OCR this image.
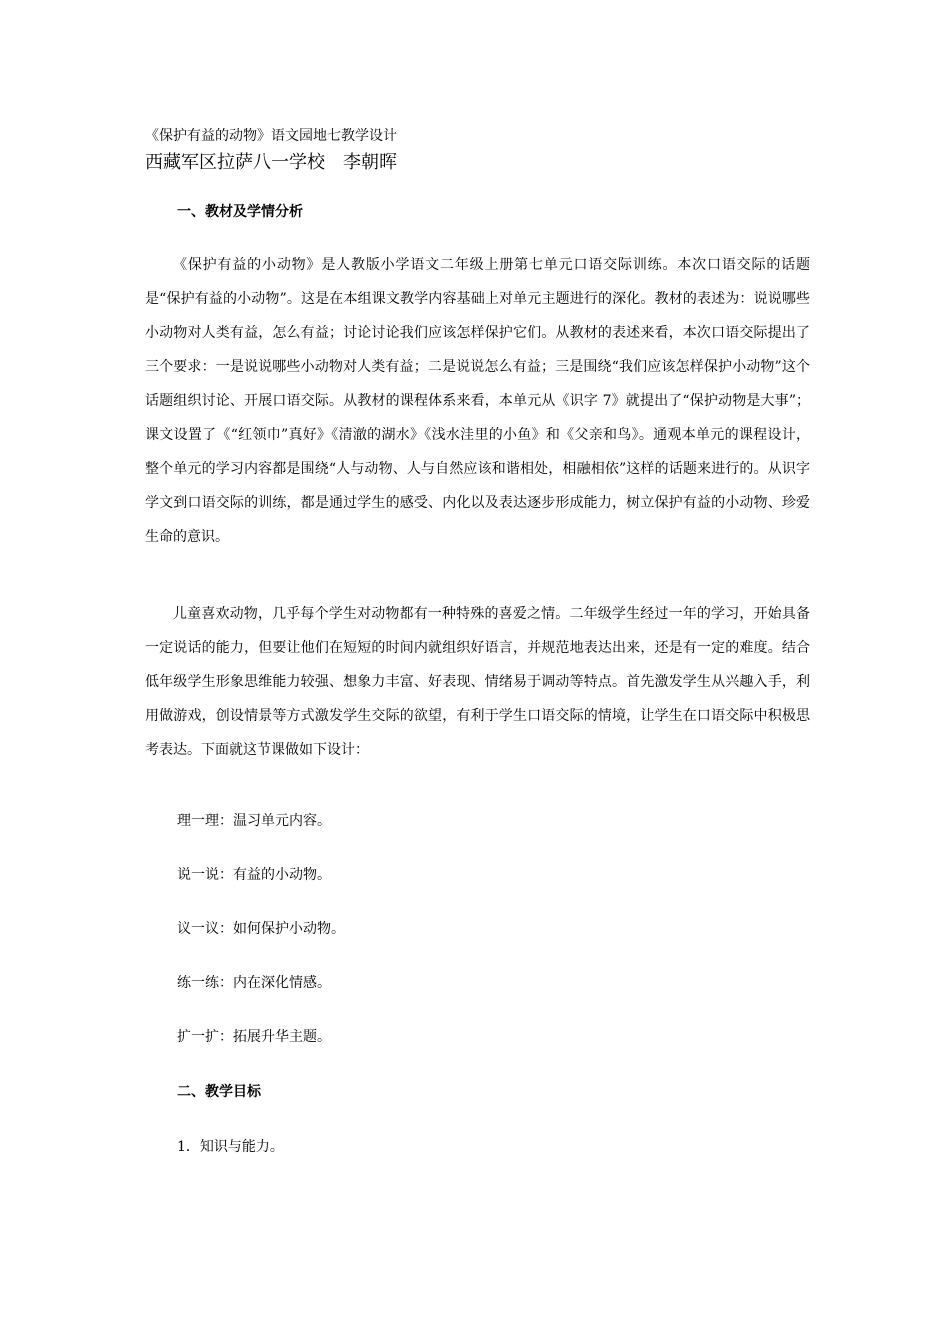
《保护有益的动物》语文园地七教学设计
西藏军区拉萨八一学校　李朝晖
一、教材及学情分析

《保护有益的小动物》是人教版小学语文二年级上册第七单元口语交际训练。本次口语交际的话题是“保护有益的小动物”。这是在本组课文教学内容基础上对单元主题进行的深化。教材的表述为：说说哪些小动物对人类有益，怎么有益；讨论讨论我们应该怎样保护它们。从教材的表述来看，本次口语交际提出了三个要求：一是说说哪些小动物对人类有益；二是说说怎么有益；三是围绕“我们应该怎样保护小动物”这个话题组织讨论、开展口语交际。从教材的课程体系来看，本单元从《识字 7》就提出了“保护动物是大事”；课文设置了《“红领巾”真好》《清澈的湖水》《浅水洼里的小鱼》和《父亲和鸟》。通观本单元的课程设计，整个单元的学习内容都是围绕“人与动物、人与自然应该和谐相处，相融相依”这样的话题来进行的。从识字学文到口语交际的训练，都是通过学生的感受、内化以及表达逐步形成能力，树立保护有益的小动物、珍爱生命的意识。

儿童喜欢动物，几乎每个学生对动物都有一种特殊的喜爱之情。二年级学生经过一年的学习，开始具备一定说话的能力，但要让他们在短短的时间内就组织好语言，并规范地表达出来，还是有一定的难度。结合低年级学生形象思维能力较强、想象力丰富、好表现、情绪易于调动等特点。首先激发学生从兴趣入手，利用做游戏，创设情景等方式激发学生交际的欲望，有利于学生口语交际的情境，让学生在口语交际中积极思考表达。下面就这节课做如下设计：

理一理：温习单元内容。
说一说：有益的小动物。
议一议：如何保护小动物。
练一练：内在深化情感。
扩一扩：拓展升华主题。
二、教学目标
1．知识与能力。
